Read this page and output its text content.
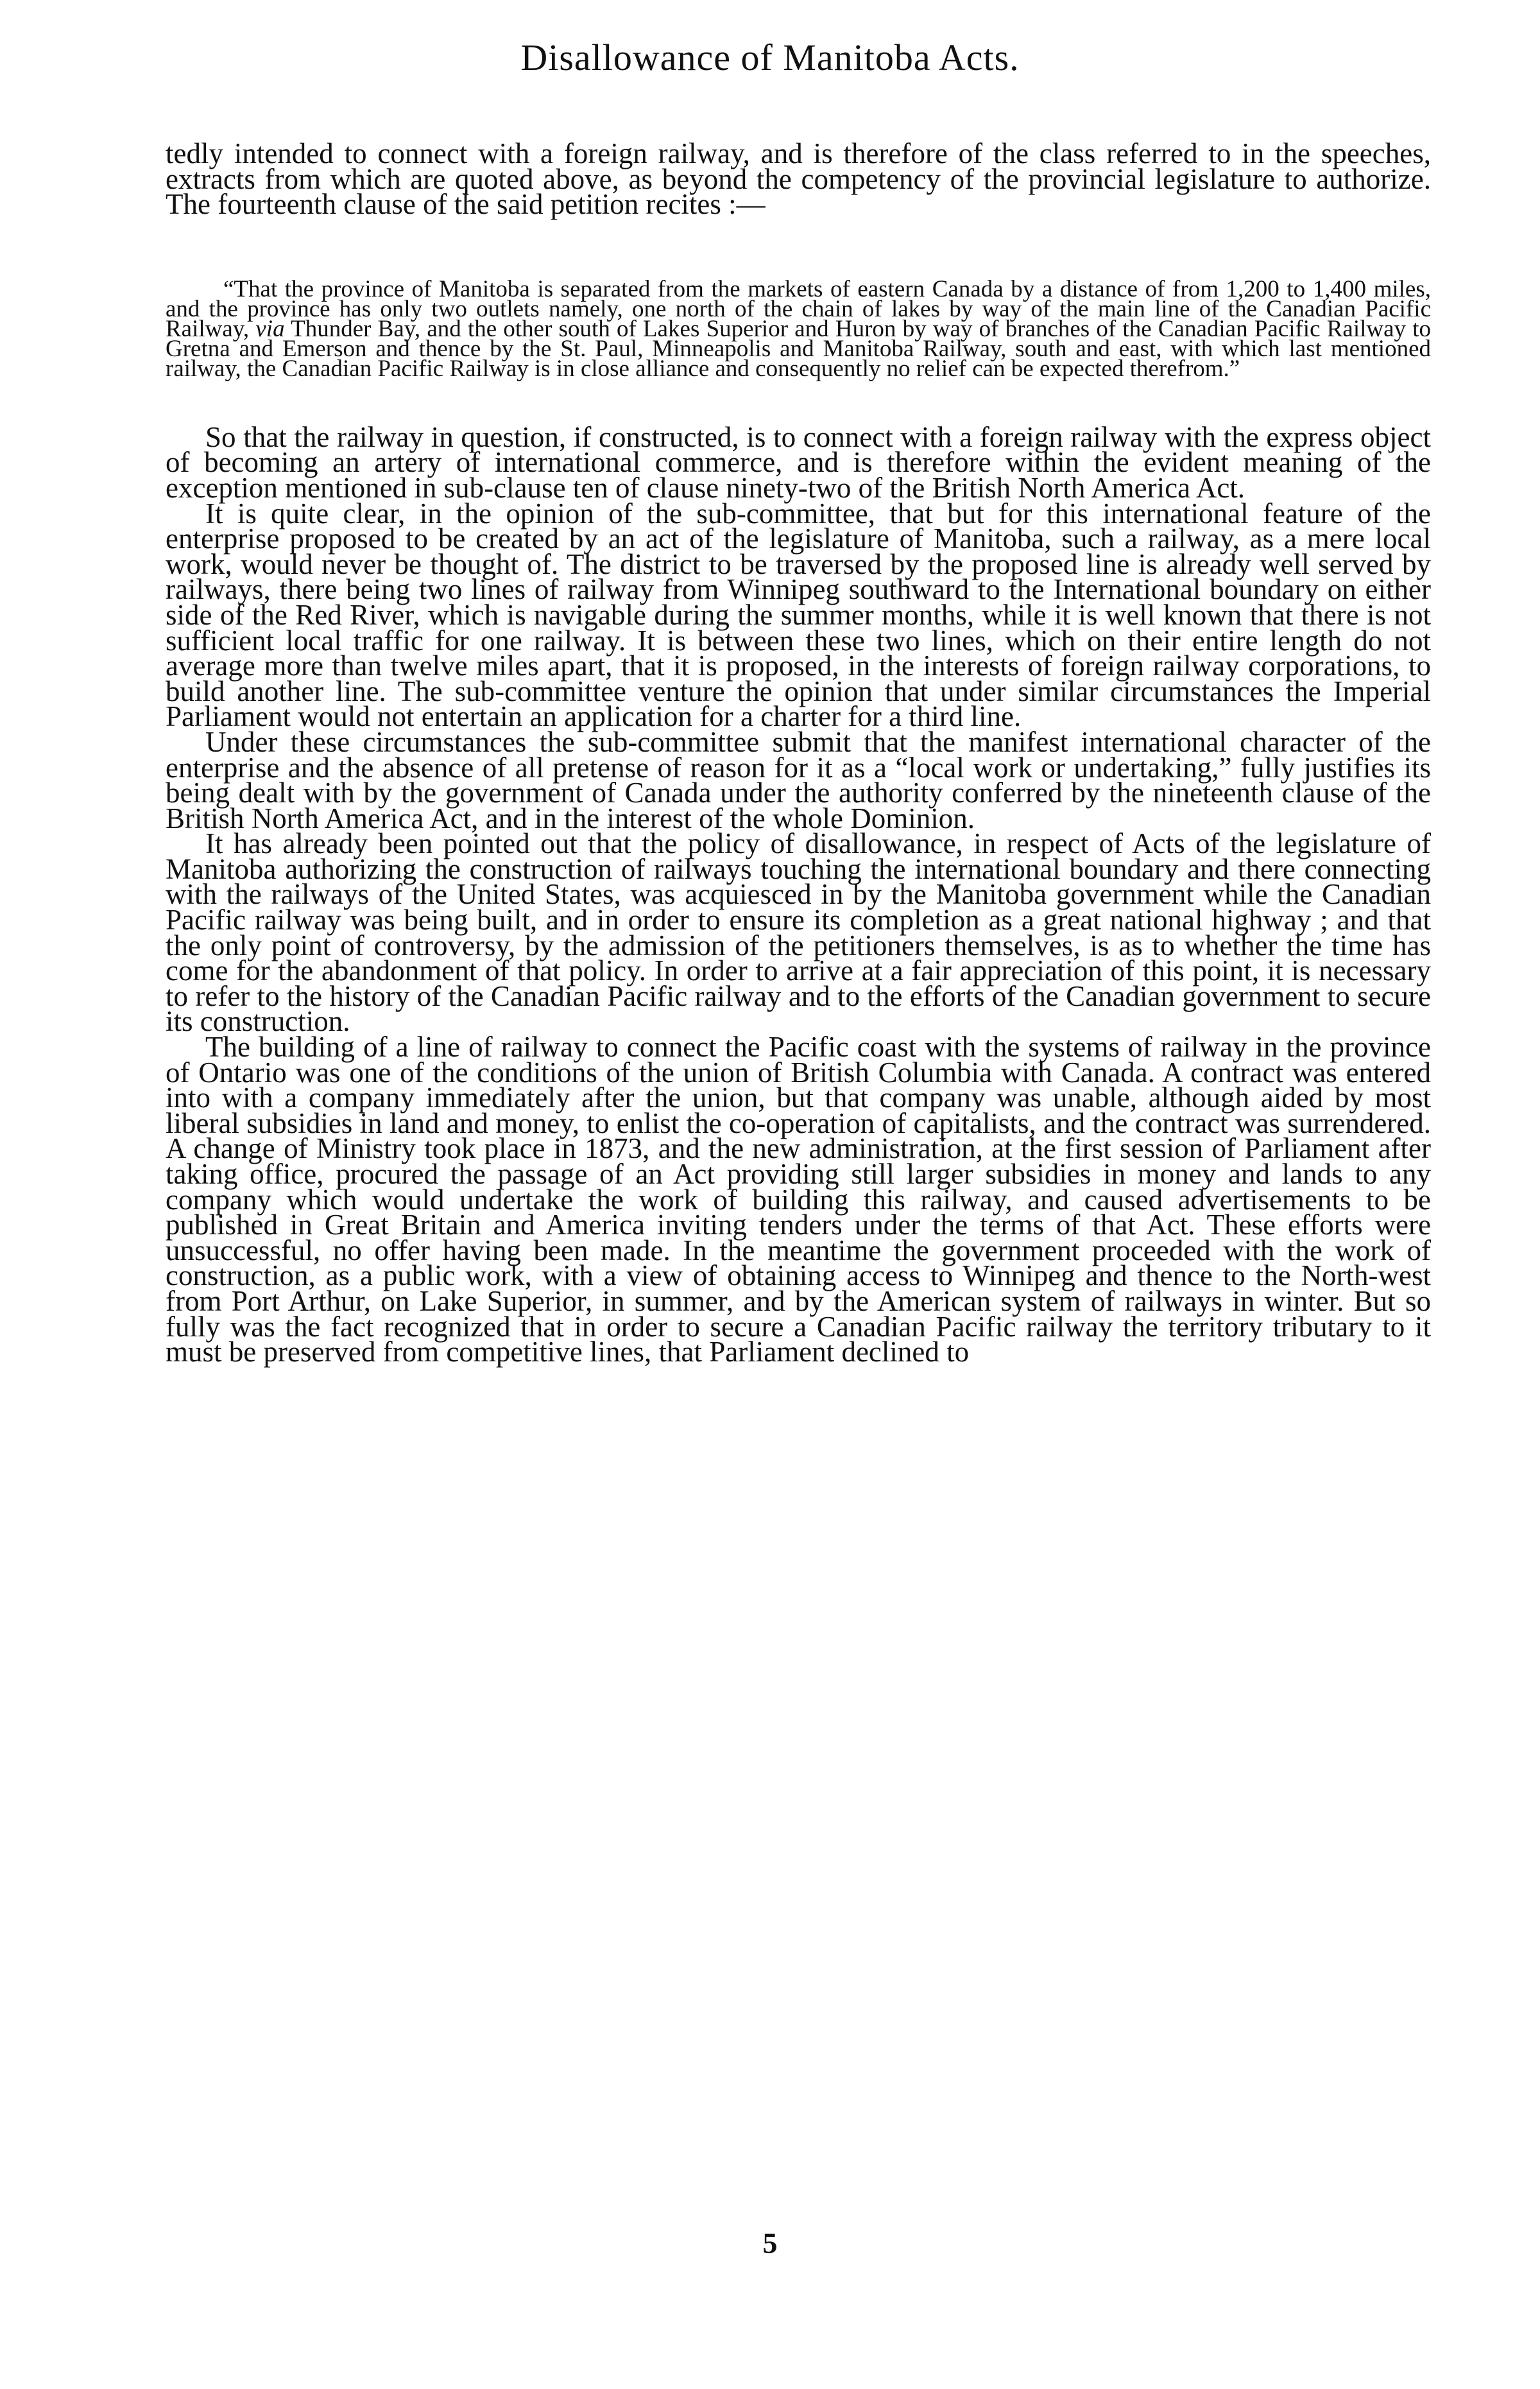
Disallowance of Manitoba Acts.

tedly intended to connect with a foreign railway, and is therefore of the class referred to in the speeches, extracts from which are quoted above, as beyond the competency of the provincial legislature to authorize. The fourteenth clause of the said petition recites :—

“That the province of Manitoba is separated from the markets of eastern Canada by a distance of from 1,200 to 1,400 miles, and the province has only two outlets namely, one north of the chain of lakes by way of the main line of the Canadian Pacific Railway, via Thunder Bay, and the other south of Lakes Superior and Huron by way of branches of the Canadian Pacific Railway to Gretna and Emerson and thence by the St. Paul, Minneapolis and Manitoba Railway, south and east, with which last mentioned railway, the Canadian Pacific Railway is in close alliance and consequently no relief can be expected therefrom.”

So that the railway in question, if constructed, is to connect with a foreign railway with the express object of becoming an artery of international commerce, and is therefore within the evident meaning of the exception mentioned in sub-clause ten of clause ninety-two of the British North America Act.

It is quite clear, in the opinion of the sub-committee, that but for this international feature of the enterprise proposed to be created by an act of the legislature of Manitoba, such a railway, as a mere local work, would never be thought of. The district to be traversed by the proposed line is already well served by railways, there being two lines of railway from Winnipeg southward to the International boundary on either side of the Red River, which is navigable during the summer months, while it is well known that there is not sufficient local traffic for one railway. It is between these two lines, which on their entire length do not average more than twelve miles apart, that it is proposed, in the interests of foreign railway corporations, to build another line. The sub-committee venture the opinion that under similar circumstances the Imperial Parliament would not entertain an application for a charter for a third line.

Under these circumstances the sub-committee submit that the manifest international character of the enterprise and the absence of all pretense of reason for it as a “local work or undertaking,” fully justifies its being dealt with by the government of Canada under the authority conferred by the nineteenth clause of the British North America Act, and in the interest of the whole Dominion.

It has already been pointed out that the policy of disallowance, in respect of Acts of the legislature of Manitoba authorizing the construction of railways touching the international boundary and there connecting with the railways of the United States, was acquiesced in by the Manitoba government while the Canadian Pacific railway was being built, and in order to ensure its completion as a great national highway ; and that the only point of controversy, by the admission of the petitioners themselves, is as to whether the time has come for the abandonment of that policy. In order to arrive at a fair appreciation of this point, it is necessary to refer to the history of the Canadian Pacific railway and to the efforts of the Canadian government to secure its construction.

The building of a line of railway to connect the Pacific coast with the systems of railway in the province of Ontario was one of the conditions of the union of British Columbia with Canada. A contract was entered into with a company immediately after the union, but that company was unable, although aided by most liberal subsidies in land and money, to enlist the co-operation of capitalists, and the contract was surrendered. A change of Ministry took place in 1873, and the new administration, at the first session of Parliament after taking office, procured the passage of an Act providing still larger subsidies in money and lands to any company which would undertake the work of building this railway, and caused advertisements to be published in Great Britain and America inviting tenders under the terms of that Act. These efforts were unsuccessful, no offer having been made. In the meantime the government proceeded with the work of construction, as a public work, with a view of obtaining access to Winnipeg and thence to the North-west from Port Arthur, on Lake Superior, in summer, and by the American system of railways in winter. But so fully was the fact recognized that in order to secure a Canadian Pacific railway the territory tributary to it must be preserved from competitive lines, that Parliament declined to

5
